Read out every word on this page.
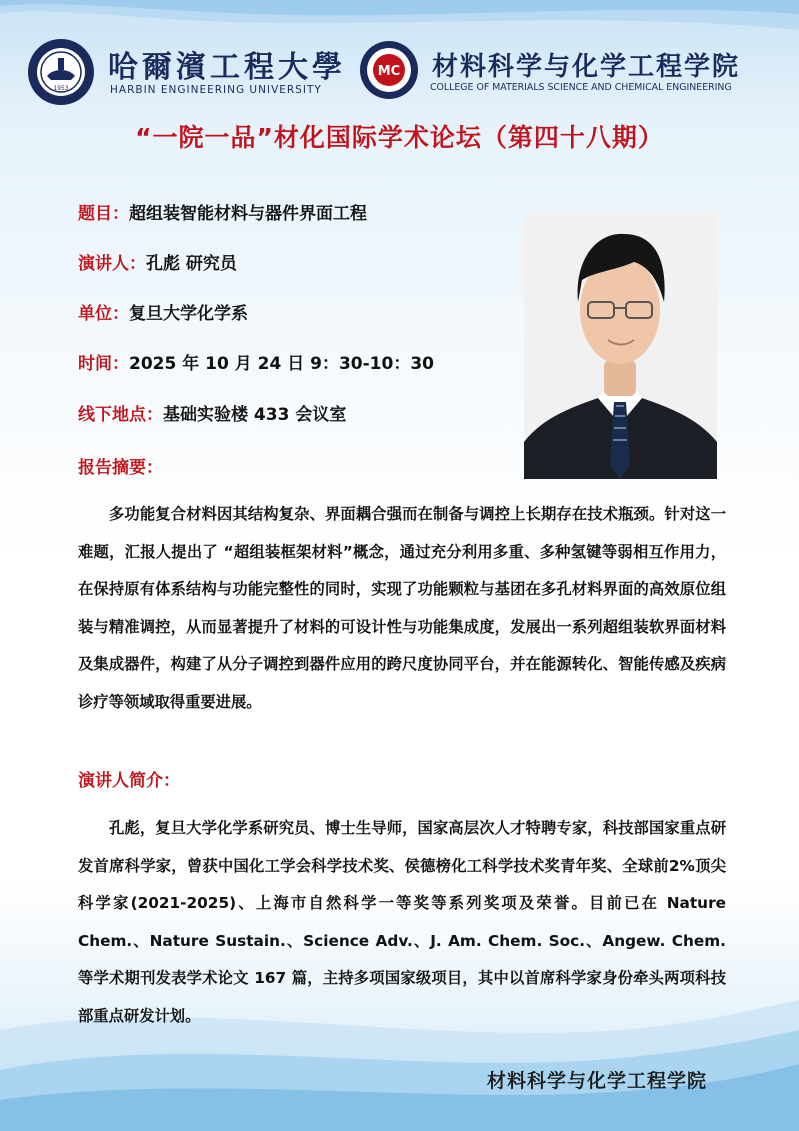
1953
哈爾濱工程大學
HARBIN ENGINEERING UNIVERSITY
MC 材料科学与化学工程学院
COLLEGE OF MATERIALS SCIENCE AND CHEMICAL ENGINEERING
“一院一品”材化国际学术论坛（第四十八期）
题目：超组装智能材料与器件界面工程
演讲人：孔彪 研究员
单位：复旦大学化学系
时间：2025 年 10 月 24 日 9：30-10：30
线下地点：基础实验楼 433 会议室
报告摘要：

多功能复合材料因其结构复杂、界面耦合强而在制备与调控上长期存在技术瓶颈。针对这一难题，汇报人提出了 “超组装框架材料”概念，通过充分利用多重、多种氢键等弱相互作用力，在保持原有体系结构与功能完整性的同时，实现了功能颗粒与基团在多孔材料界面的高效原位组装与精准调控，从而显著提升了材料的可设计性与功能集成度，发展出一系列超组装软界面材料及集成器件，构建了从分子调控到器件应用的跨尺度协同平台，并在能源转化、智能传感及疾病诊疗等领域取得重要进展。

演讲人简介：

孔彪，复旦大学化学系研究员、博士生导师，国家高层次人才特聘专家，科技部国家重点研发首席科学家，曾获中国化工学会科学技术奖、侯德榜化工科学技术奖青年奖、全球前2%顶尖科学家(2021-2025)、上海市自然科学一等奖等系列奖项及荣誉。目前已在 Nature Chem.、Nature Sustain.、Science Adv.、J. Am. Chem. Soc.、Angew. Chem.等学术期刊发表学术论文 167 篇，主持多项国家级项目，其中以首席科学家身份牵头两项科技部重点研发计划。

材料科学与化学工程学院
